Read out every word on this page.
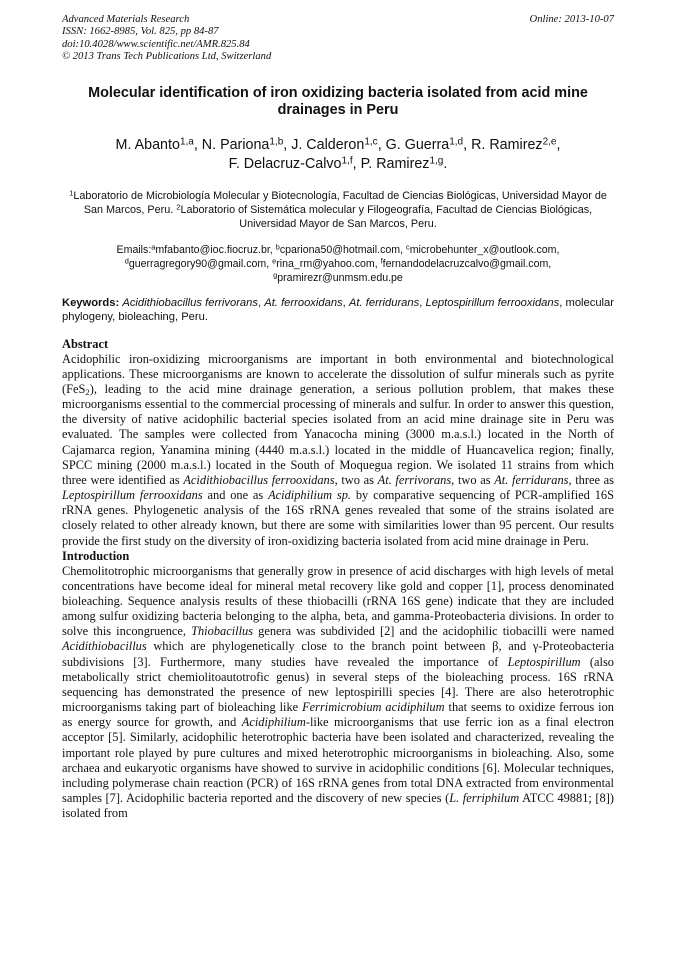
Advanced Materials Research
ISSN: 1662-8985, Vol. 825, pp 84-87
doi:10.4028/www.scientific.net/AMR.825.84
© 2013 Trans Tech Publications Ltd, Switzerland
Online: 2013-10-07
Molecular identification of iron oxidizing bacteria isolated from acid mine drainages in Peru
M. Abanto$^{1,a}$, N. Pariona$^{1,b}$, J. Calderon$^{1,c}$, G. Guerra$^{1,d}$, R. Ramirez$^{2,e}$,
F. Delacruz-Calvo$^{1,f}$, P. Ramirez$^{1,g}$.
$^1$Laboratorio de Microbiología Molecular y Biotecnología, Facultad de Ciencias Biológicas, Universidad Mayor de San Marcos, Peru. $^2$Laboratorio of Sistemática molecular y Filogeografía, Facultad de Ciencias Biológicas, Universidad Mayor de San Marcos, Peru.
Emails:$^a$mfabanto@ioc.fiocruz.br, $^b$cpariona50@hotmail.com, $^c$microbehunter_x@outlook.com,
$^d$guerragregory90@gmail.com, $^e$rina_rm@yahoo.com, $^f$fernandodelacruzcalvo@gmail.com,
$^g$pramirezr@unmsm.edu.pe
Keywords: Acidithiobacillus ferrivorans, At. ferrooxidans, At. ferridurans, Leptospirillum ferrooxidans, molecular phylogeny, bioleaching, Peru.
Abstract
Acidophilic iron-oxidizing microorganisms are important in both environmental and biotechnological applications. These microorganisms are known to accelerate the dissolution of sulfur minerals such as pyrite (FeS$_2$), leading to the acid mine drainage generation, a serious pollution problem, that makes these microorganisms essential to the commercial processing of minerals and sulfur. In order to answer this question, the diversity of native acidophilic bacterial species isolated from an acid mine drainage site in Peru was evaluated. The samples were collected from Yanacocha mining (3000 m.a.s.l.) located in the North of Cajamarca region, Yanamina mining (4440 m.a.s.l.) located in the middle of Huancavelica region; finally, SPCC mining (2000 m.a.s.l.) located in the South of Moquegua region. We isolated 11 strains from which three were identified as Acidithiobacillus ferrooxidans, two as At. ferrivorans, two as At. ferridurans, three as Leptospirillum ferrooxidans and one as Acidiphilium sp. by comparative sequencing of PCR-amplified 16S rRNA genes. Phylogenetic analysis of the 16S rRNA genes revealed that some of the strains isolated are closely related to other already known, but there are some with similarities lower than 95 percent. Our results provide the first study on the diversity of iron-oxidizing bacteria isolated from acid mine drainage in Peru.
Introduction
Chemolitotrophic microorganisms that generally grow in presence of acid discharges with high levels of metal concentrations have become ideal for mineral metal recovery like gold and copper [1], process denominated bioleaching. Sequence analysis results of these thiobacilli (rRNA 16S gene) indicate that they are included among sulfur oxidizing bacteria belonging to the alpha, beta, and gamma-Proteobacteria divisions. In order to solve this incongruence, Thiobacillus genera was subdivided [2] and the acidophilic tiobacilli were named Acidithiobacillus which are phylogenetically close to the branch point between β, and γ-Proteobacteria subdivisions [3]. Furthermore, many studies have revealed the importance of Leptospirillum (also metabolically strict chemiolitoautotrofic genus) in several steps of the bioleaching process. 16S rRNA sequencing has demonstrated the presence of new leptospirilli species [4]. There are also heterotrophic microorganisms taking part of bioleaching like Ferrimicrobium acidiphilum that seems to oxidize ferrous ion as energy source for growth, and Acidiphilium-like microorganisms that use ferric ion as a final electron acceptor [5]. Similarly, acidophilic heterotrophic bacteria have been isolated and characterized, revealing the important role played by pure cultures and mixed heterotrophic microorganisms in bioleaching. Also, some archaea and eukaryotic organisms have showed to survive in acidophilic conditions [6]. Molecular techniques, including polymerase chain reaction (PCR) of 16S rRNA genes from total DNA extracted from environmental samples [7]. Acidophilic bacteria reported and the discovery of new species (L. ferriphilum ATCC 49881; [8]) isolated from
